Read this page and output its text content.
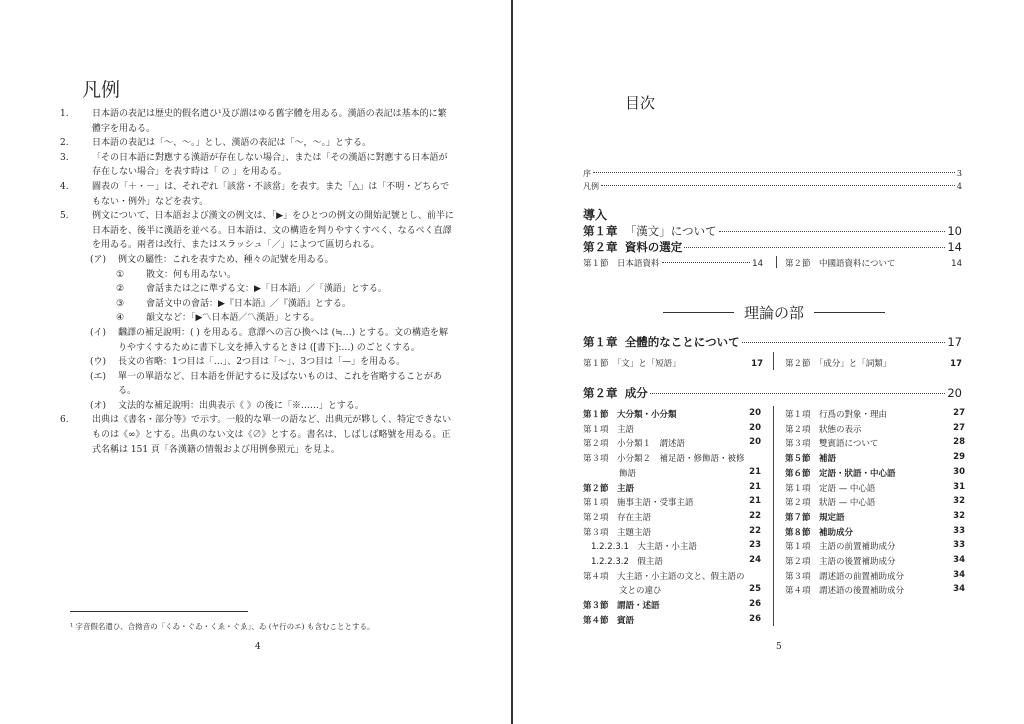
凡例
1.	日本語の表記は歴史的假名遣ひ¹及び謂はゆる舊字體を用ゐる。漢語の表記は基本的に繁體字を用ゐる。
2.	日本語の表記は「～、～。」とし、漢語の表記は「～，～。」とする。
3.	「その日本語に對應する漢語が存在しない場合」、または「その漢語に對應する日本語が存在しない場合」を表す時は「 ∅ 」を用ゐる。
4.	圖表の「＋・－」は、それぞれ「該當・不該當」を表す。また「△」は「不明・どちらでもない・例外」などを表す。
5.	例文について、日本語および漢文の例文は、「▶」をひとつの例文の開始記號とし、前半に日本語を、後半に漢語を並べる。日本語は、文の構造を判りやすくすべく、なるべく直譯を用ゐる。兩者は改行、またはスラッシュ「／」によつて區切られる。
(ア) 例文の屬性：これを表すため、種々の記號を用ゐる。
① 散文：何も用ゐない。
② 會話または之に準ずる文：▶「日本語」／「漢語」とする。
③ 會話文中の會話：▶『日本語』／『漢語』とする。
④ 韻文など：「▶〽日本語／〽漢語」とする。
(イ) 飜譯の補足說明：( ) を用ゐる。意譯への言ひ換へは (≒…) とする。文の構造を解りやすくするために書下し文を挿入するときは ([書下]:…) のごとくする。
(ウ) 長文の省略：1つ目は「…」、2つ目は「～」、3つ目は「—」を用ゐる。
(エ) 單一の單語など、日本語を併記するに及ばないものは、これを省略することがある。
(オ) 文法的な補足說明：出典表示《 》の後に「※……」とする。
6.	出典は《書名・部分等》で示す。一般的な單一の語など、出典元が夥しく、特定できないものは《∞》とする。出典のない文は《∅》とする。書名は、しばしば略號を用ゐる。正式名稱は 151 頁「各漢籍の情報および用例參照元」を見よ。
¹ 字音假名遣ひ、合拗音の「くゐ・ぐゐ・くゑ・ぐゑ」、ゐ (ヤ行のエ) も含むこととする。
4
目次
序	3
凡例	4
導入
第１章 「漢文」について	10
第２章 資料の選定	14
第１節　日本語資料	14	第２節　中國語資料について	14
理論の部
第１章 全體的なことについて	17
第１節　「文」と「短語」	17	第２節　「成分」と「詞類」	17
第２章 成分	20
第１節　大分類・小分類	20
第１項　主語	20
第２項　小分類１　謂述語	20
第３項　小分類２　補足語・修飾語・被修
飾語	21
第２節　主語	21
第１項　施事主語・受事主語	21
第２項　存在主語	22
第３項　主題主語	22
1.2.2.3.1　大主語・小主語	23
1.2.2.3.2　假主語	24
第４項　大主語・小主語の文と、假主語の
文との違ひ	25
第３節　謂語・述語	26
第４節　賓語	26
第１項　行爲の對象・理由	27
第２項　狀態の表示	27
第３項　雙賓語について	28
第５節　補語	29
第６節　定語・狀語・中心語	30
第１項　定語 — 中心語	31
第２項　狀語 — 中心語	32
第７節　規定語	32
第８節　補助成分	33
第１項　主語の前置補助成分	33
第２項　主語の後置補助成分	34
第３項　謂述語の前置補助成分	34
第４項　謂述語の後置補助成分	34
5
